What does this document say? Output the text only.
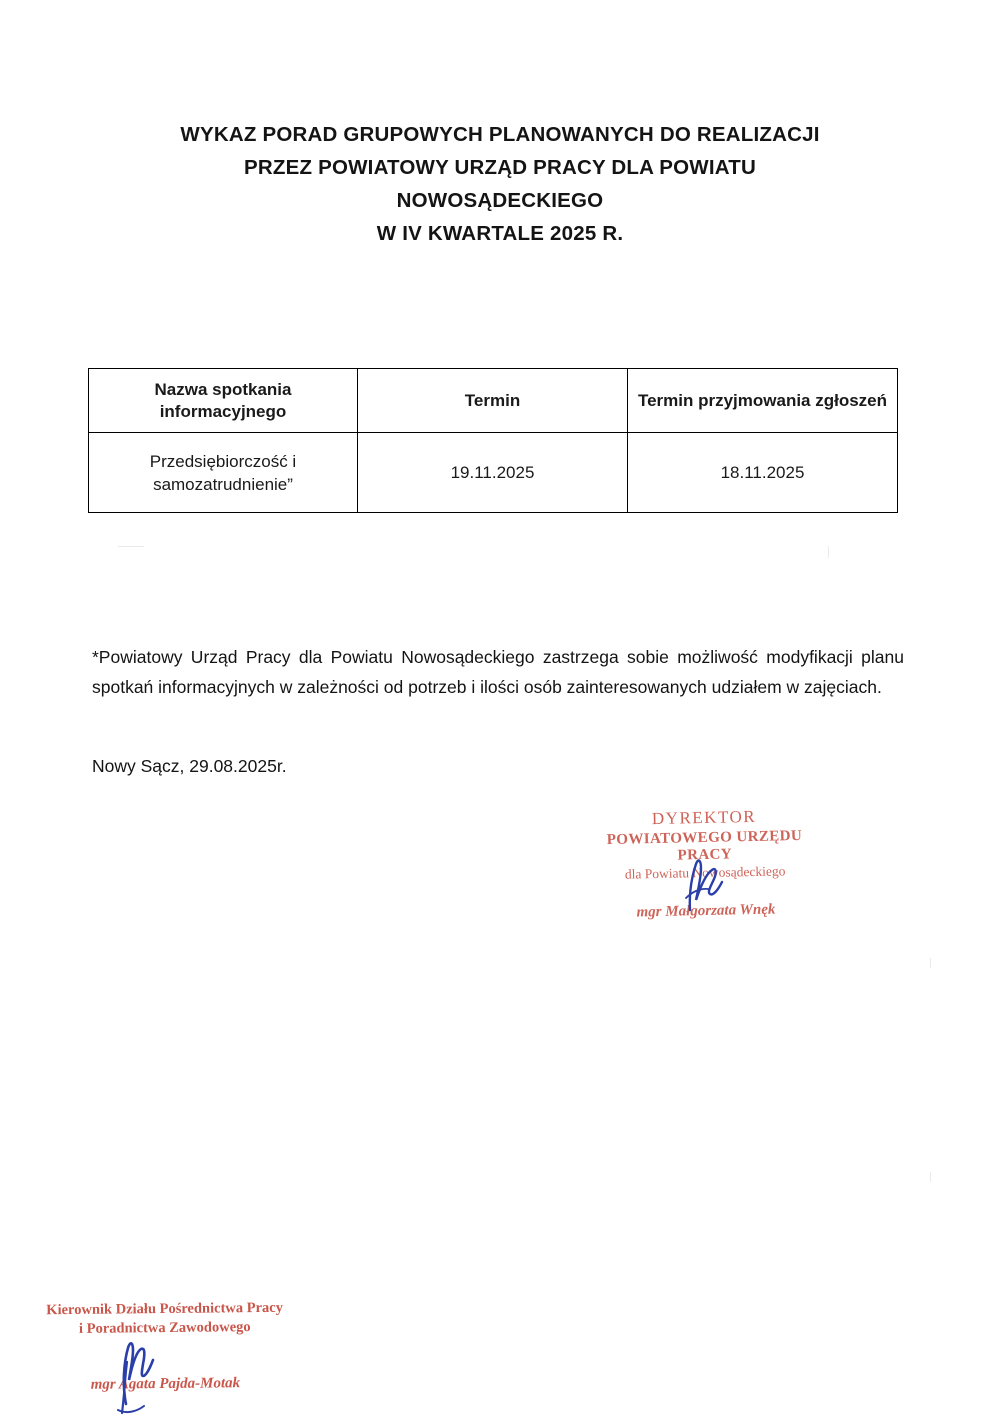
WYKAZ PORAD GRUPOWYCH PLANOWANYCH DO REALIZACJI
PRZEZ POWIATOWY URZĄD PRACY DLA POWIATU
NOWOSĄDECKIEGO
W IV KWARTALE 2025 R.
Nazwa spotkania informacyjnego	Termin	Termin przyjmowania zgłoszeń
Przedsiębiorczość i samozatrudnienie”	19.11.2025	18.11.2025
*Powiatowy Urząd Pracy dla Powiatu Nowosądeckiego zastrzega sobie możliwość modyfikacji planu spotkań informacyjnych w zależności od potrzeb i ilości osób zainteresowanych udziałem w zajęciach.
Nowy Sącz, 29.08.2025r.
DYREKTOR
POWIATOWEGO URZĘDU PRACY
dla Powiatu Nowosądeckiego
mgr Małgorzata Wnęk
Kierownik Działu Pośrednictwa Pracy
i Poradnictwa Zawodowego
mgr Agata Pajda-Motak
